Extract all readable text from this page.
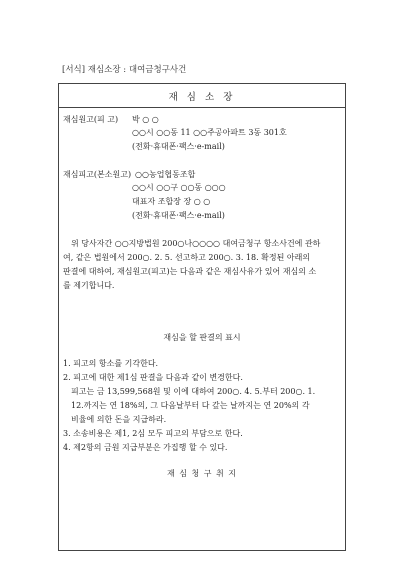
[서식] 재심소장 : 대여금청구사건
재 심 소 장
재심원고(피 고) 박 ○ ○
○○시 ○○동 11 ○○주공아파트 3동 301호
(전화·휴대폰·팩스·e-mail)
재심피고(본소원고) ○○농업협동조합
○○시 ○○구 ○○동 ○○○
대표자 조합장 장 ○ ○
(전화·휴대폰·팩스·e-mail)
위 당사자간 ○○지방법원 200○나○○○○ 대여금청구 항소사건에 관하
여, 같은 법원에서 200○. 2. 5. 선고하고 200○. 3. 18. 확정된 아래의
판결에 대하여, 재심원고(피고)는 다음과 같은 재심사유가 있어 재심의 소
를 제기합니다.
재심을 할 판결의 표시
1. 피고의 항소를 기각한다.
2. 피고에 대한 제1심 판결을 다음과 같이 변경한다.
피고는 금 13,599,568원 및 이에 대하여 200○. 4. 5.부터 200○. 1.
12.까지는 연 18%의, 그 다음날부터 다 갚는 날까지는 연 20%의 각
비율에 의한 돈을 지급하라.
3. 소송비용은 제1, 2심 모두 피고의 부담으로 한다.
4. 제2항의 금원 지급부분은 가집행 할 수 있다.
재 심 청 구 취 지
